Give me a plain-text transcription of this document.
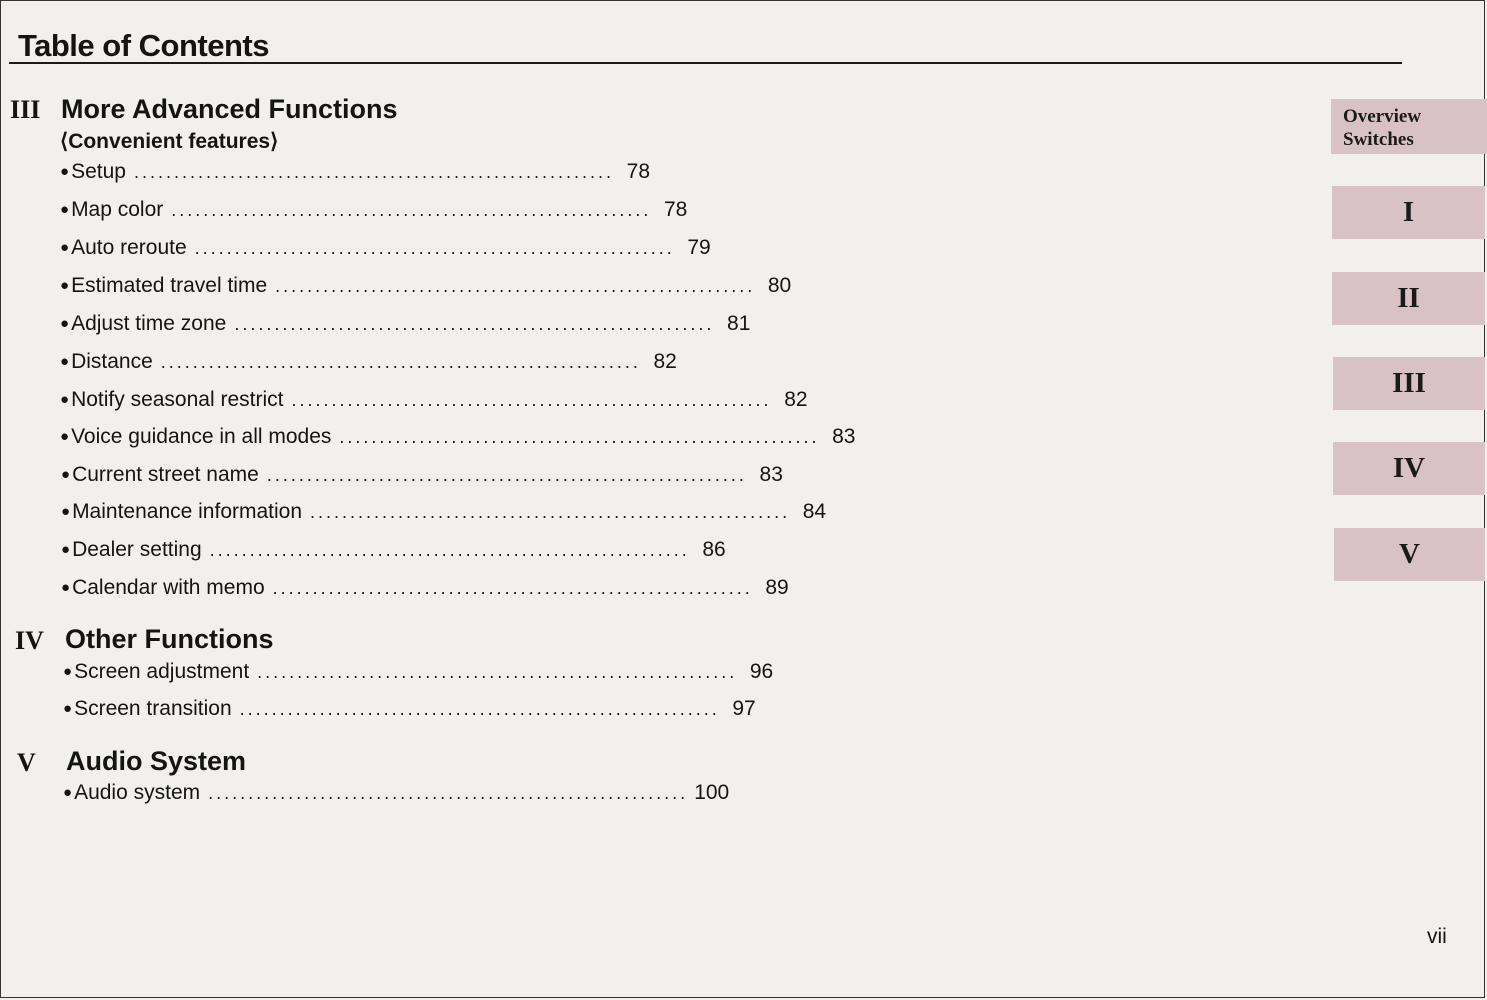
Table of Contents
III More Advanced Functions
⟨Convenient features⟩
● Setup ............................................................ 78
● Map color ............................................................ 78
● Auto reroute ............................................................ 79
● Estimated travel time ............................................................ 80
● Adjust time zone ............................................................ 81
● Distance ............................................................ 82
● Notify seasonal restrict ............................................................ 82
● Voice guidance in all modes ............................................................ 83
● Current street name ............................................................ 83
● Maintenance information ............................................................ 84
● Dealer setting ............................................................ 86
● Calendar with memo ............................................................ 89
IV Other Functions
● Screen adjustment ............................................................ 96
● Screen transition ............................................................ 97
V Audio System
● Audio system ............................................................ 100
Overview
Switches
I
II
III
IV
V
vii
